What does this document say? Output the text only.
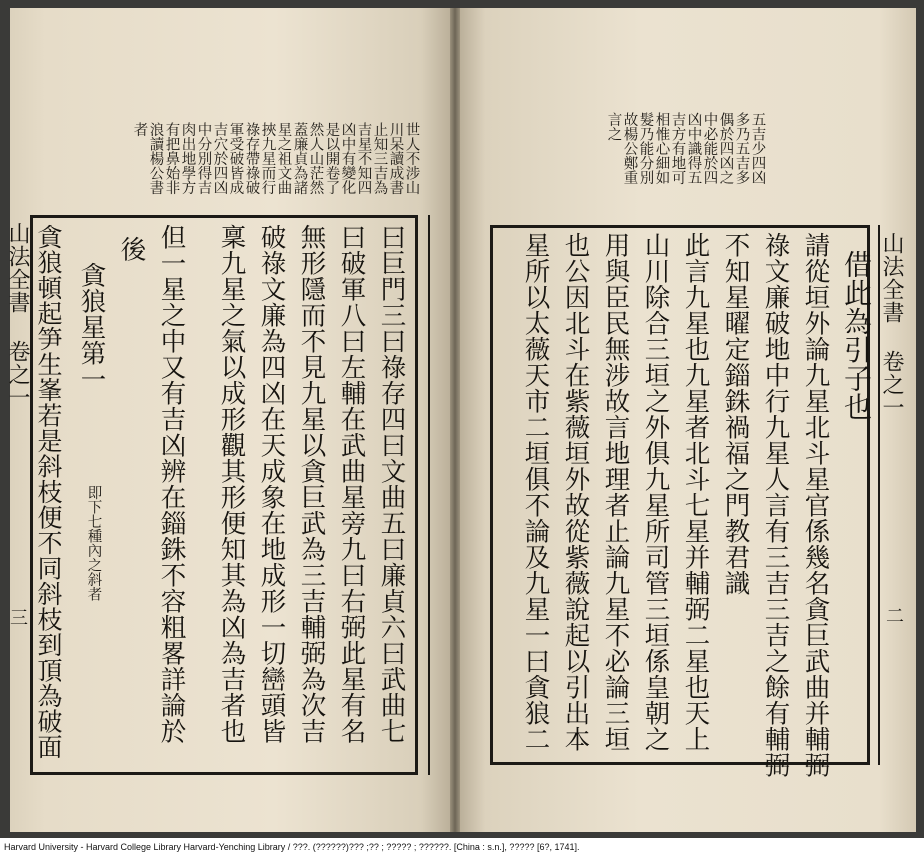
山法全書 卷之一
三
山法全書 卷之一
二
五吉少四凶
多乃五吉多
偶於四凶之
中必能於四
凶中識得五
吉方有地可
相惟心細如
髮乃能分別
故楊公鄭重
言之
借此為引子也
請從垣外論九星北斗星官係幾名貪巨武曲并輔弼
祿文廉破地中行九星人言有三吉三吉之餘有輔弼
不知星曜定錙銖禍福之門教君識
此言九星也九星者北斗七星并輔弼二星也天上
山川除合三垣之外俱九星所司管三垣係皇朝之
用與臣民無涉故言地理者止論九星不必論三垣
也公因北斗在紫薇垣外故從紫薇說起以引出本
星所以太薇天市二垣俱不論及九星一曰貪狼二
世人不涉山
川呆讀成書
止知三吉為
吉星不知四
凶中有變化
是以開卷了
然人山茫然
蓋廉貞為諸
星之祖文曲
挾九星而行
祿存帶祿破
軍受破皆成
吉穴於四凶
中分別得吉
肉出地學方
有把鼻始非
浪讀楊公書
者
曰巨門三曰祿存四曰文曲五曰廉貞六曰武曲七
曰破軍八曰左輔在武曲星旁九曰右弼此星有名
無形隱而不見九星以貪巨武為三吉輔弼為次吉
破祿文廉為四凶在天成象在地成形一切巒頭皆
稟九星之氣以成形觀其形便知其為凶為吉者也
但一星之中又有吉凶辨在錙銖不容粗畧詳論於
後
貪狼星第一
即下七種內之斜者
貪狼頓起笋生峯若是斜枝便不同斜枝到頂為破面
Harvard University - Harvard College Library Harvard-Yenching Library / ???. (??????)??? ;?? ; ????? ; ??????. [China : s.n.], ????? [6?, 1741].
